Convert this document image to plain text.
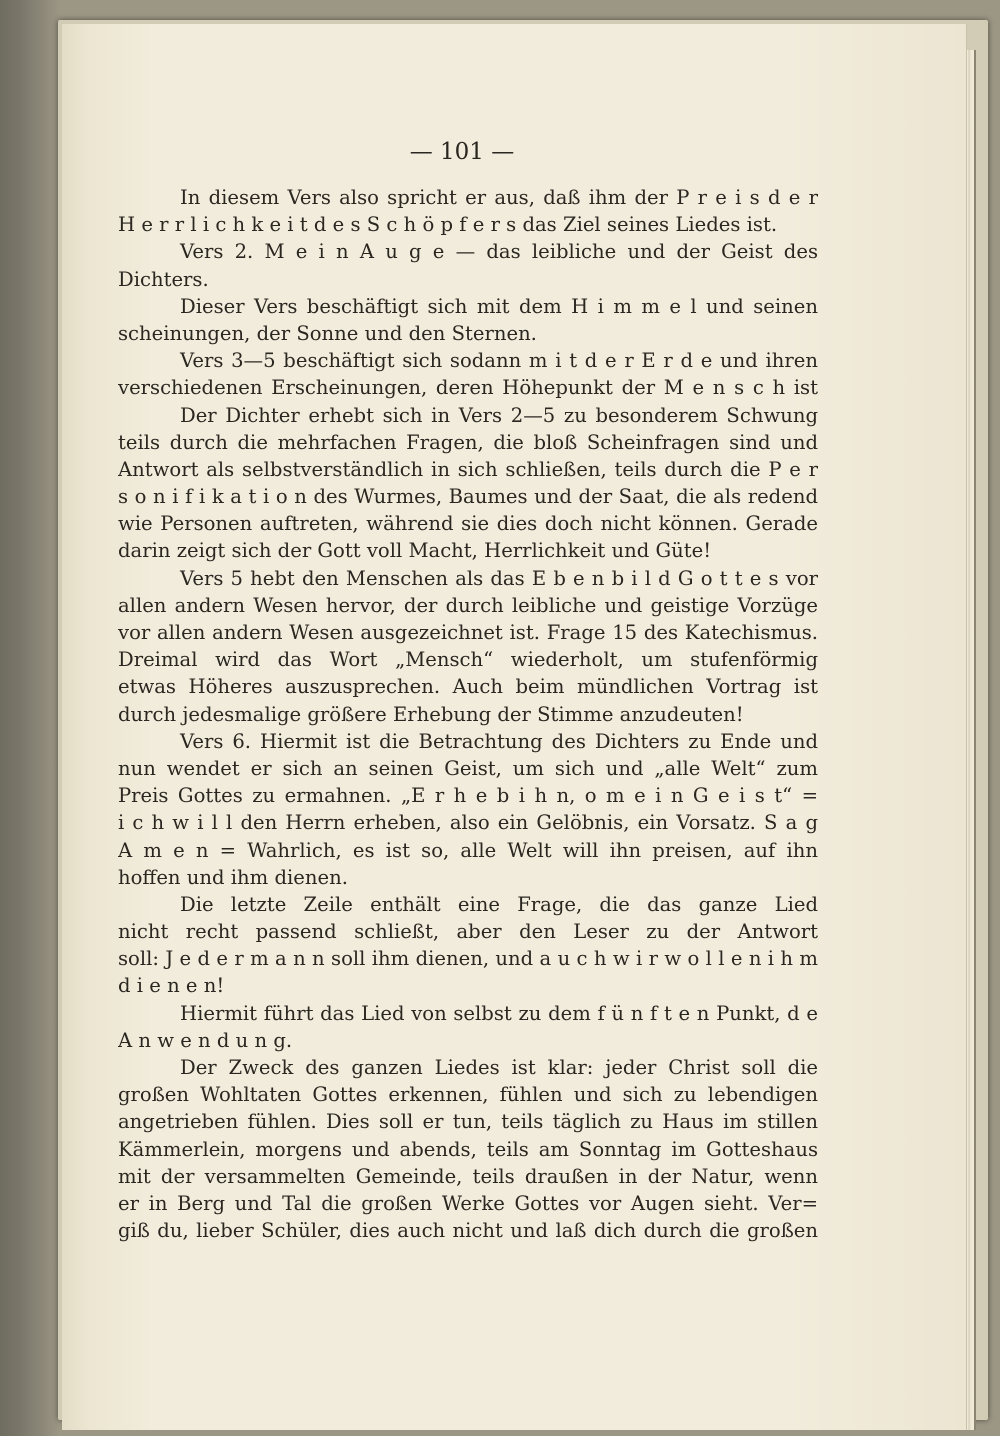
— 101 —
In diesem Vers also spricht er aus, daß ihm der P r e i s d e r
H e r r l i c h k e i t d e s S c h ö p f e r s das Ziel seines Liedes ist.
Vers 2. M e i n A u g e — das leibliche und der Geist des
Dichters.
Dieser Vers beschäftigt sich mit dem H i m m e l und seinen
scheinungen, der Sonne und den Sternen.
Vers 3—5 beschäftigt sich sodann m i t d e r E r d e und ihren
verschiedenen Erscheinungen, deren Höhepunkt der M e n s c h ist
Der Dichter erhebt sich in Vers 2—5 zu besonderem Schwung
teils durch die mehrfachen Fragen, die bloß Scheinfragen sind und
Antwort als selbstverständlich in sich schließen, teils durch die P e r
s o n i f i k a t i o n des Wurmes, Baumes und der Saat, die als redend
wie Personen auftreten, während sie dies doch nicht können. Gerade
darin zeigt sich der Gott voll Macht, Herrlichkeit und Güte!
Vers 5 hebt den Menschen als das E b e n b i l d G o t t e s vor
allen andern Wesen hervor, der durch leibliche und geistige Vorzüge
vor allen andern Wesen ausgezeichnet ist. Frage 15 des Katechismus.
Dreimal wird das Wort „Mensch“ wiederholt, um stufenförmig
etwas Höheres auszusprechen. Auch beim mündlichen Vortrag ist
durch jedesmalige größere Erhebung der Stimme anzudeuten!
Vers 6. Hiermit ist die Betrachtung des Dichters zu Ende und
nun wendet er sich an seinen Geist, um sich und „alle Welt“ zum
Preis Gottes zu ermahnen. „E r h e b i h n, o m e i n G e i s t“ =
i c h w i l l den Herrn erheben, also ein Gelöbnis, ein Vorsatz. S a g
A m e n = Wahrlich, es ist so, alle Welt will ihn preisen, auf ihn
hoffen und ihm dienen.
Die letzte Zeile enthält eine Frage, die das ganze Lied
nicht recht passend schließt, aber den Leser zu der Antwort
soll: J e d e r m a n n soll ihm dienen, und a u c h w i r w o l l e n i h m
d i e n e n!
Hiermit führt das Lied von selbst zu dem f ü n f t e n Punkt, d e
A n w e n d u n g.
Der Zweck des ganzen Liedes ist klar: jeder Christ soll die
großen Wohltaten Gottes erkennen, fühlen und sich zu lebendigen
angetrieben fühlen. Dies soll er tun, teils täglich zu Haus im stillen
Kämmerlein, morgens und abends, teils am Sonntag im Gotteshaus
mit der versammelten Gemeinde, teils draußen in der Natur, wenn
er in Berg und Tal die großen Werke Gottes vor Augen sieht. Ver=
giß du, lieber Schüler, dies auch nicht und laß dich durch die großen
